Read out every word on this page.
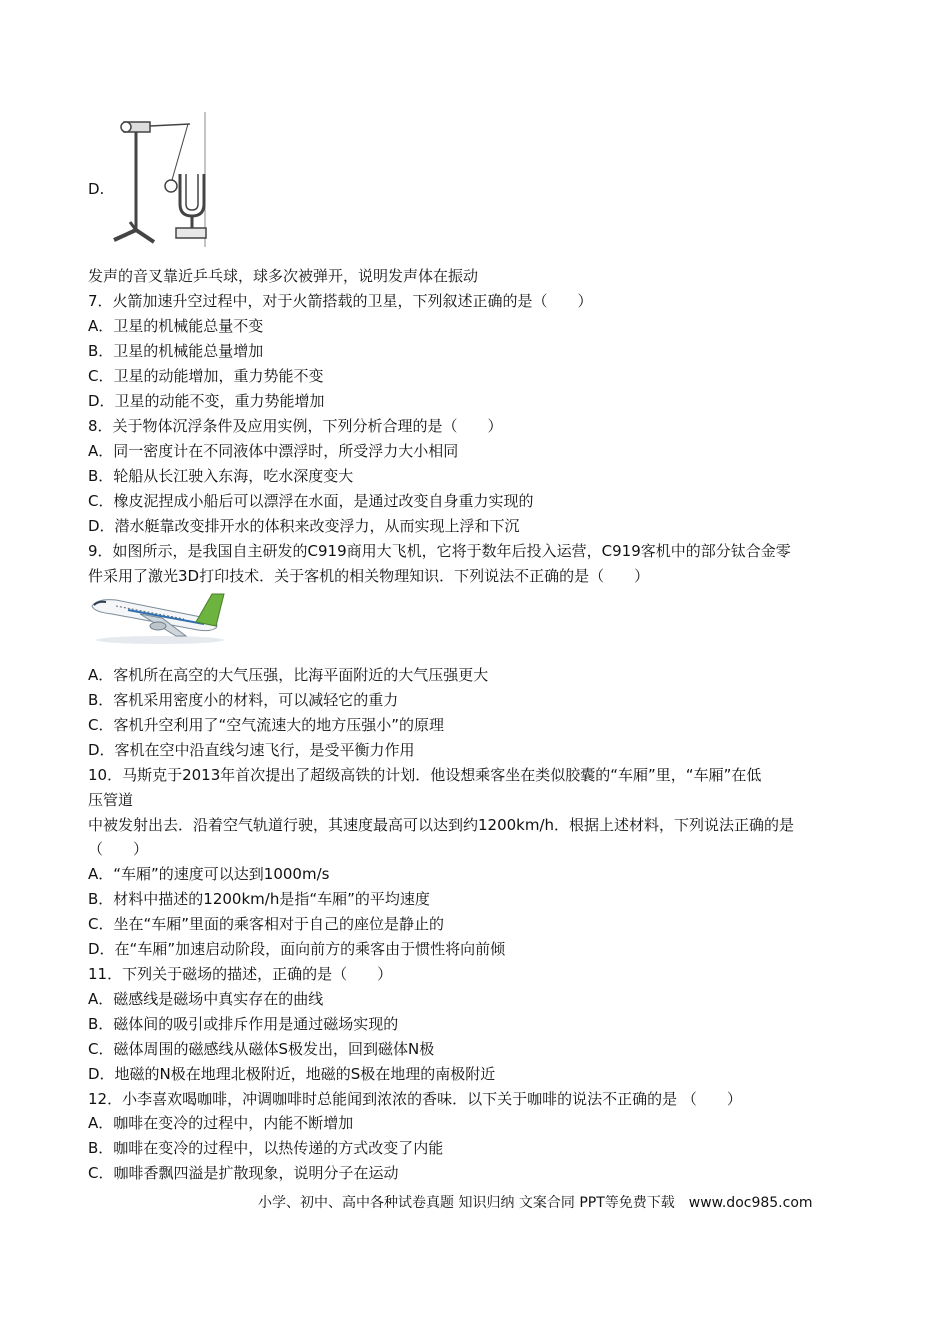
D.
发声的音叉靠近乒乓球，球多次被弹开，说明发声体在振动
7．火箭加速升空过程中，对于火箭搭载的卫星，下列叙述正确的是（　　）
A．卫星的机械能总量不变
B．卫星的机械能总量增加
C．卫星的动能增加，重力势能不变
D．卫星的动能不变，重力势能增加
8．关于物体沉浮条件及应用实例，下列分析合理的是（　　）
A．同一密度计在不同液体中漂浮时，所受浮力大小相同
B．轮船从长江驶入东海，吃水深度变大
C．橡皮泥捏成小船后可以漂浮在水面，是通过改变自身重力实现的
D．潜水艇靠改变排开水的体积来改变浮力，从而实现上浮和下沉
9．如图所示，是我国自主研发的C919商用大飞机，它将于数年后投入运营，C919客机中的部分钛合金零
件采用了激光3D打印技术．关于客机的相关物理知识．下列说法不正确的是（　　）
A．客机所在高空的大气压强，比海平面附近的大气压强更大
B．客机采用密度小的材料，可以减轻它的重力
C．客机升空利用了“空气流速大的地方压强小”的原理
D．客机在空中沿直线匀速飞行，是受平衡力作用
10．马斯克于2013年首次提出了超级高铁的计划．他设想乘客坐在类似胶囊的“车厢”里，“车厢”在低
压管道
中被发射出去．沿着空气轨道行驶，其速度最高可以达到约1200km/h．根据上述材料，下列说法正确的是
（　　）
A．“车厢”的速度可以达到1000m/s
B．材料中描述的1200km/h是指“车厢”的平均速度
C．坐在“车厢”里面的乘客相对于自己的座位是静止的
D．在“车厢”加速启动阶段，面向前方的乘客由于惯性将向前倾
11．下列关于磁场的描述，正确的是（　　）
A．磁感线是磁场中真实存在的曲线
B．磁体间的吸引或排斥作用是通过磁场实现的
C．磁体周围的磁感线从磁体S极发出，回到磁体N极
D．地磁的N极在地理北极附近，地磁的S极在地理的南极附近
12．小李喜欢喝咖啡，冲调咖啡时总能闻到浓浓的香味．以下关于咖啡的说法不正确的是 （　　）
A．咖啡在变冷的过程中，内能不断增加
B．咖啡在变冷的过程中，以热传递的方式改变了内能
C．咖啡香飘四溢是扩散现象，说明分子在运动
小学、初中、高中各种试卷真题 知识归纳 文案合同 PPT等免费下载　www.doc985.com
